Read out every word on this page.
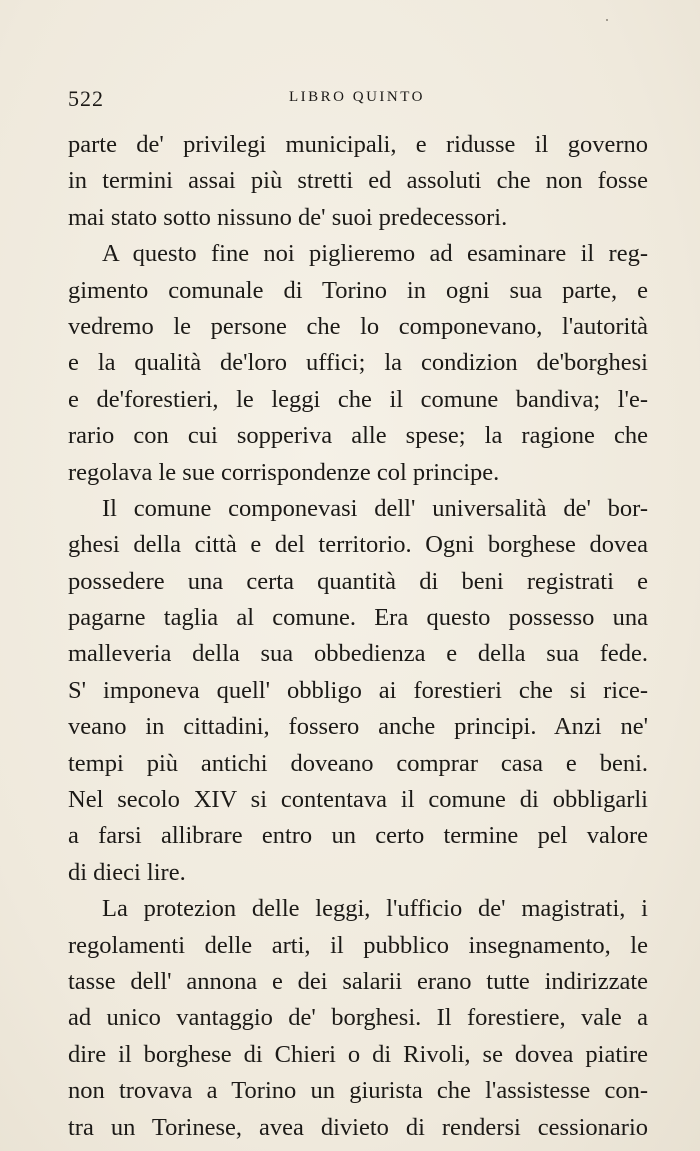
522	LIBRO QUINTO
parte de' privilegi municipali, e ridusse il governo
in termini assai più stretti ed assoluti che non fosse
mai stato sotto nissuno de' suoi predecessori.
A questo fine noi piglieremo ad esaminare il reg-
gimento comunale di Torino in ogni sua parte, e
vedremo le persone che lo componevano, l'autorità
e la qualità de'loro uffici; la condizion de'borghesi
e de'forestieri, le leggi che il comune bandiva; l'e-
rario con cui sopperiva alle spese; la ragione che
regolava le sue corrispondenze col principe.
Il comune componevasi dell' universalità de' bor-
ghesi della città e del territorio. Ogni borghese dovea
possedere una certa quantità di beni registrati e
pagarne taglia al comune. Era questo possesso una
malleveria della sua obbedienza e della sua fede.
S' imponeva quell' obbligo ai forestieri che si rice-
veano in cittadini, fossero anche principi. Anzi ne'
tempi più antichi doveano comprar casa e beni.
Nel secolo XIV si contentava il comune di obbligarli
a farsi allibrare entro un certo termine pel valore
di dieci lire.
La protezion delle leggi, l'ufficio de' magistrati, i
regolamenti delle arti, il pubblico insegnamento, le
tasse dell' annona e dei salarii erano tutte indirizzate
ad unico vantaggio de' borghesi. Il forestiere, vale a
dire il borghese di Chieri o di Rivoli, se dovea piatire
non trovava a Torino un giurista che l'assistesse con-
tra un Torinese, avea divieto di rendersi cessionario
